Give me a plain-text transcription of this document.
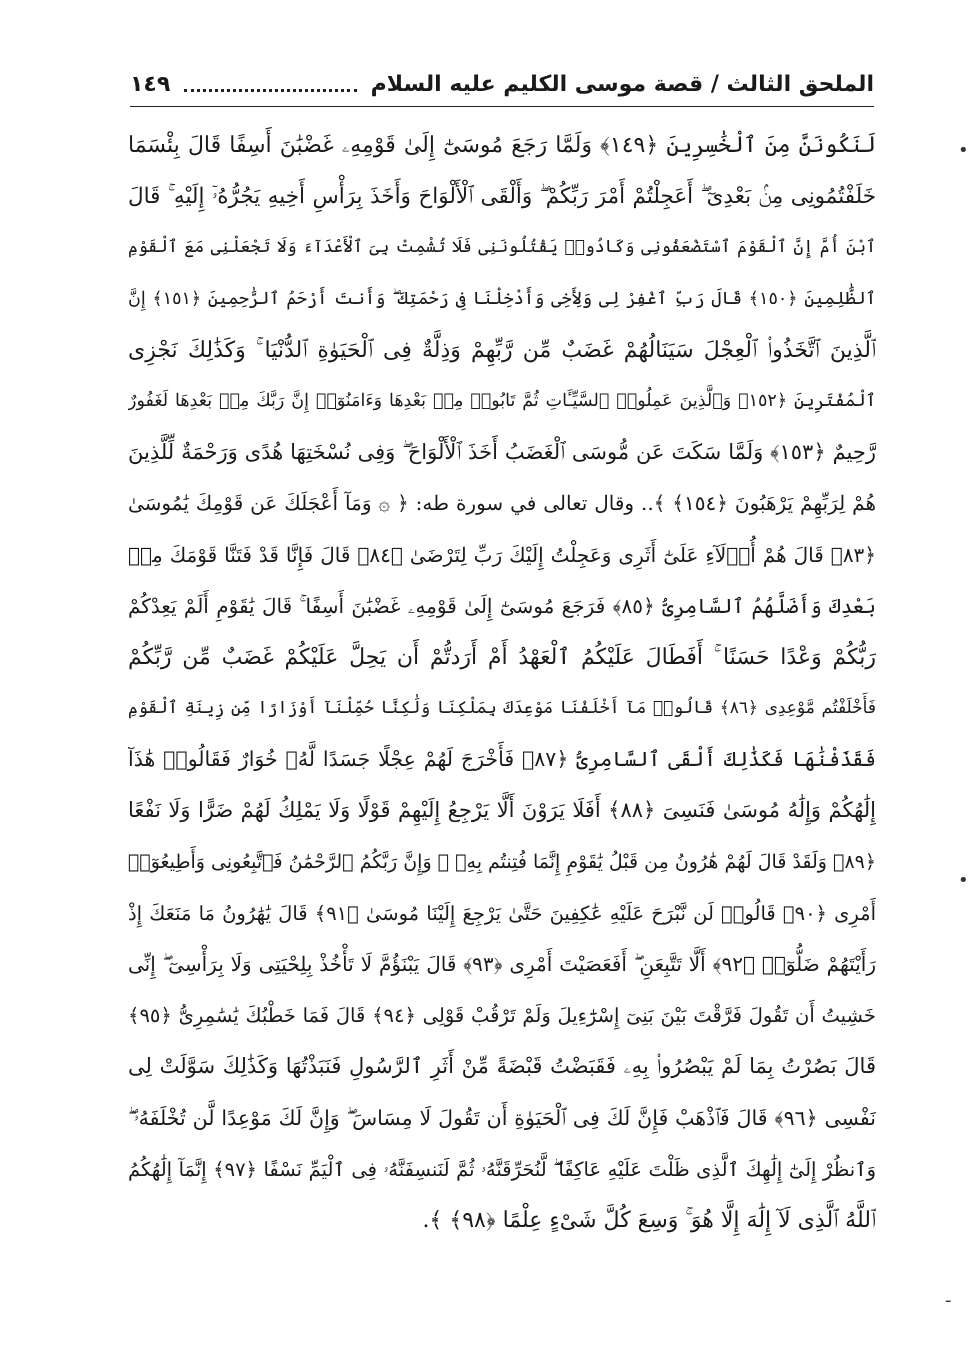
الملحق الثالث / قصة موسى الكليم عليه السلام
١٤٩
لَنَكُونَنَّ مِنَ ٱلْخَٰسِرِينَ ﴿١٤٩﴾ وَلَمَّا رَجَعَ مُوسَىٰٓ إِلَىٰ قَوْمِهِۦ غَضْبَٰنَ أَسِفًا قَالَ بِئْسَمَا
خَلَفْتُمُونِى مِنۢ بَعْدِىٓ ۖ أَعَجِلْتُمْ أَمْرَ رَبِّكُمْ ۖ وَأَلْقَى ٱلْأَلْوَاحَ وَأَخَذَ بِرَأْسِ أَخِيهِ يَجُرُّهُۥٓ إِلَيْهِ ۚ قَالَ
ٱبْنَ أُمَّ إِنَّ ٱلْقَوْمَ ٱسْتَضْعَفُونِى وَكَادُوا۟ يَقْتُلُونَنِى فَلَا تُشْمِتْ بِىَ ٱلْأَعْدَآءَ وَلَا تَجْعَلْنِى مَعَ ٱلْقَوْمِ
ٱلظَّٰلِمِينَ ﴿١٥٠﴾ قَالَ رَبِّ ٱغْفِرْ لِى وَلِأَخِى وَأَدْخِلْنَا فِى رَحْمَتِكَ ۖ وَأَنتَ أَرْحَمُ ٱلرَّٰحِمِينَ ﴿١٥١﴾ إِنَّ
ٱلَّذِينَ ٱتَّخَذُوا۟ ٱلْعِجْلَ سَيَنَالُهُمْ غَضَبٌ مِّن رَّبِّهِمْ وَذِلَّةٌ فِى ٱلْحَيَوٰةِ ٱلدُّنْيَا ۚ وَكَذَٰلِكَ نَجْزِى
ٱلْمُفْتَرِينَ ﴿١٥٢﴾ وَٱلَّذِينَ عَمِلُوا۟ ٱلسَّيِّـَٔاتِ ثُمَّ تَابُوا۟ مِنۢ بَعْدِهَا وَءَامَنُوٓا۟ إِنَّ رَبَّكَ مِنۢ بَعْدِهَا لَغَفُورٌ
رَّحِيمٌ ﴿١٥٣﴾ وَلَمَّا سَكَتَ عَن مُّوسَى ٱلْغَضَبُ أَخَذَ ٱلْأَلْوَاحَ ۖ وَفِى نُسْخَتِهَا هُدًى وَرَحْمَةٌ لِّلَّذِينَ
هُمْ لِرَبِّهِمْ يَرْهَبُونَ ﴿١٥٤﴾ ﴾.. وقال تعالى في سورة طه: ﴿ ۞ وَمَآ أَعْجَلَكَ عَن قَوْمِكَ يَٰمُوسَىٰ
﴿٨٣﴾ قَالَ هُمْ أُو۟لَآءِ عَلَىٰٓ أَثَرِى وَعَجِلْتُ إِلَيْكَ رَبِّ لِتَرْضَىٰ ﴿٨٤﴾ قَالَ فَإِنَّا قَدْ فَتَنَّا قَوْمَكَ مِنۢ
بَعْدِكَ وَأَضَلَّهُمُ ٱلسَّامِرِىُّ ﴿٨٥﴾ فَرَجَعَ مُوسَىٰٓ إِلَىٰ قَوْمِهِۦ غَضْبَٰنَ أَسِفًا ۚ قَالَ يَٰقَوْمِ أَلَمْ يَعِدْكُمْ
رَبُّكُمْ وَعْدًا حَسَنًا ۚ أَفَطَالَ عَلَيْكُمُ ٱلْعَهْدُ أَمْ أَرَدتُّمْ أَن يَحِلَّ عَلَيْكُمْ غَضَبٌ مِّن رَّبِّكُمْ
فَأَخْلَفْتُم مَّوْعِدِى ﴿٨٦﴾ قَالُوا۟ مَآ أَخْلَفْنَا مَوْعِدَكَ بِمَلْكِنَا وَلَٰكِنَّا حُمِّلْنَآ أَوْزَارًا مِّن زِينَةِ ٱلْقَوْمِ
فَقَذَفْنَٰهَا فَكَذَٰلِكَ أَلْقَى ٱلسَّامِرِىُّ ﴿٨٧﴾ فَأَخْرَجَ لَهُمْ عِجْلًا جَسَدًا لَّهُۥ خُوَارٌ فَقَالُوا۟ هَٰذَآ
إِلَٰهُكُمْ وَإِلَٰهُ مُوسَىٰ فَنَسِىَ ﴿٨٨﴾ أَفَلَا يَرَوْنَ أَلَّا يَرْجِعُ إِلَيْهِمْ قَوْلًا وَلَا يَمْلِكُ لَهُمْ ضَرًّا وَلَا نَفْعًا
﴿٨٩﴾ وَلَقَدْ قَالَ لَهُمْ هَٰرُونُ مِن قَبْلُ يَٰقَوْمِ إِنَّمَا فُتِنتُم بِهِۦ ۖ وَإِنَّ رَبَّكُمُ ٱلرَّحْمَٰنُ فَٱتَّبِعُونِى وَأَطِيعُوٓا۟
أَمْرِى ﴿٩٠﴾ قَالُوا۟ لَن نَّبْرَحَ عَلَيْهِ عَٰكِفِينَ حَتَّىٰ يَرْجِعَ إِلَيْنَا مُوسَىٰ ﴿٩١﴾ قَالَ يَٰهَٰرُونُ مَا مَنَعَكَ إِذْ
رَأَيْتَهُمْ ضَلُّوٓا۟ ﴿٩٢﴾ أَلَّا تَتَّبِعَنِ ۖ أَفَعَصَيْتَ أَمْرِى ﴿٩٣﴾ قَالَ يَبْنَؤُمَّ لَا تَأْخُذْ بِلِحْيَتِى وَلَا بِرَأْسِىٓ ۖ إِنِّى
خَشِيتُ أَن تَقُولَ فَرَّقْتَ بَيْنَ بَنِىٓ إِسْرَٰٓءِيلَ وَلَمْ تَرْقُبْ قَوْلِى ﴿٩٤﴾ قَالَ فَمَا خَطْبُكَ يَٰسَٰمِرِىُّ ﴿٩٥﴾
قَالَ بَصُرْتُ بِمَا لَمْ يَبْصُرُوا۟ بِهِۦ فَقَبَضْتُ قَبْضَةً مِّنْ أَثَرِ ٱلرَّسُولِ فَنَبَذْتُهَا وَكَذَٰلِكَ سَوَّلَتْ لِى
نَفْسِى ﴿٩٦﴾ قَالَ فَٱذْهَبْ فَإِنَّ لَكَ فِى ٱلْحَيَوٰةِ أَن تَقُولَ لَا مِسَاسَ ۖ وَإِنَّ لَكَ مَوْعِدًا لَّن تُخْلَفَهُۥ ۖ
وَٱنظُرْ إِلَىٰٓ إِلَٰهِكَ ٱلَّذِى ظَلْتَ عَلَيْهِ عَاكِفًا ۖ لَّنُحَرِّقَنَّهُۥ ثُمَّ لَنَنسِفَنَّهُۥ فِى ٱلْيَمِّ نَسْفًا ﴿٩٧﴾ إِنَّمَآ إِلَٰهُكُمُ
ٱللَّهُ ٱلَّذِى لَآ إِلَٰهَ إِلَّا هُوَ ۚ وَسِعَ كُلَّ شَىْءٍ عِلْمًا ﴿٩٨﴾ ﴾.
•
•
-
